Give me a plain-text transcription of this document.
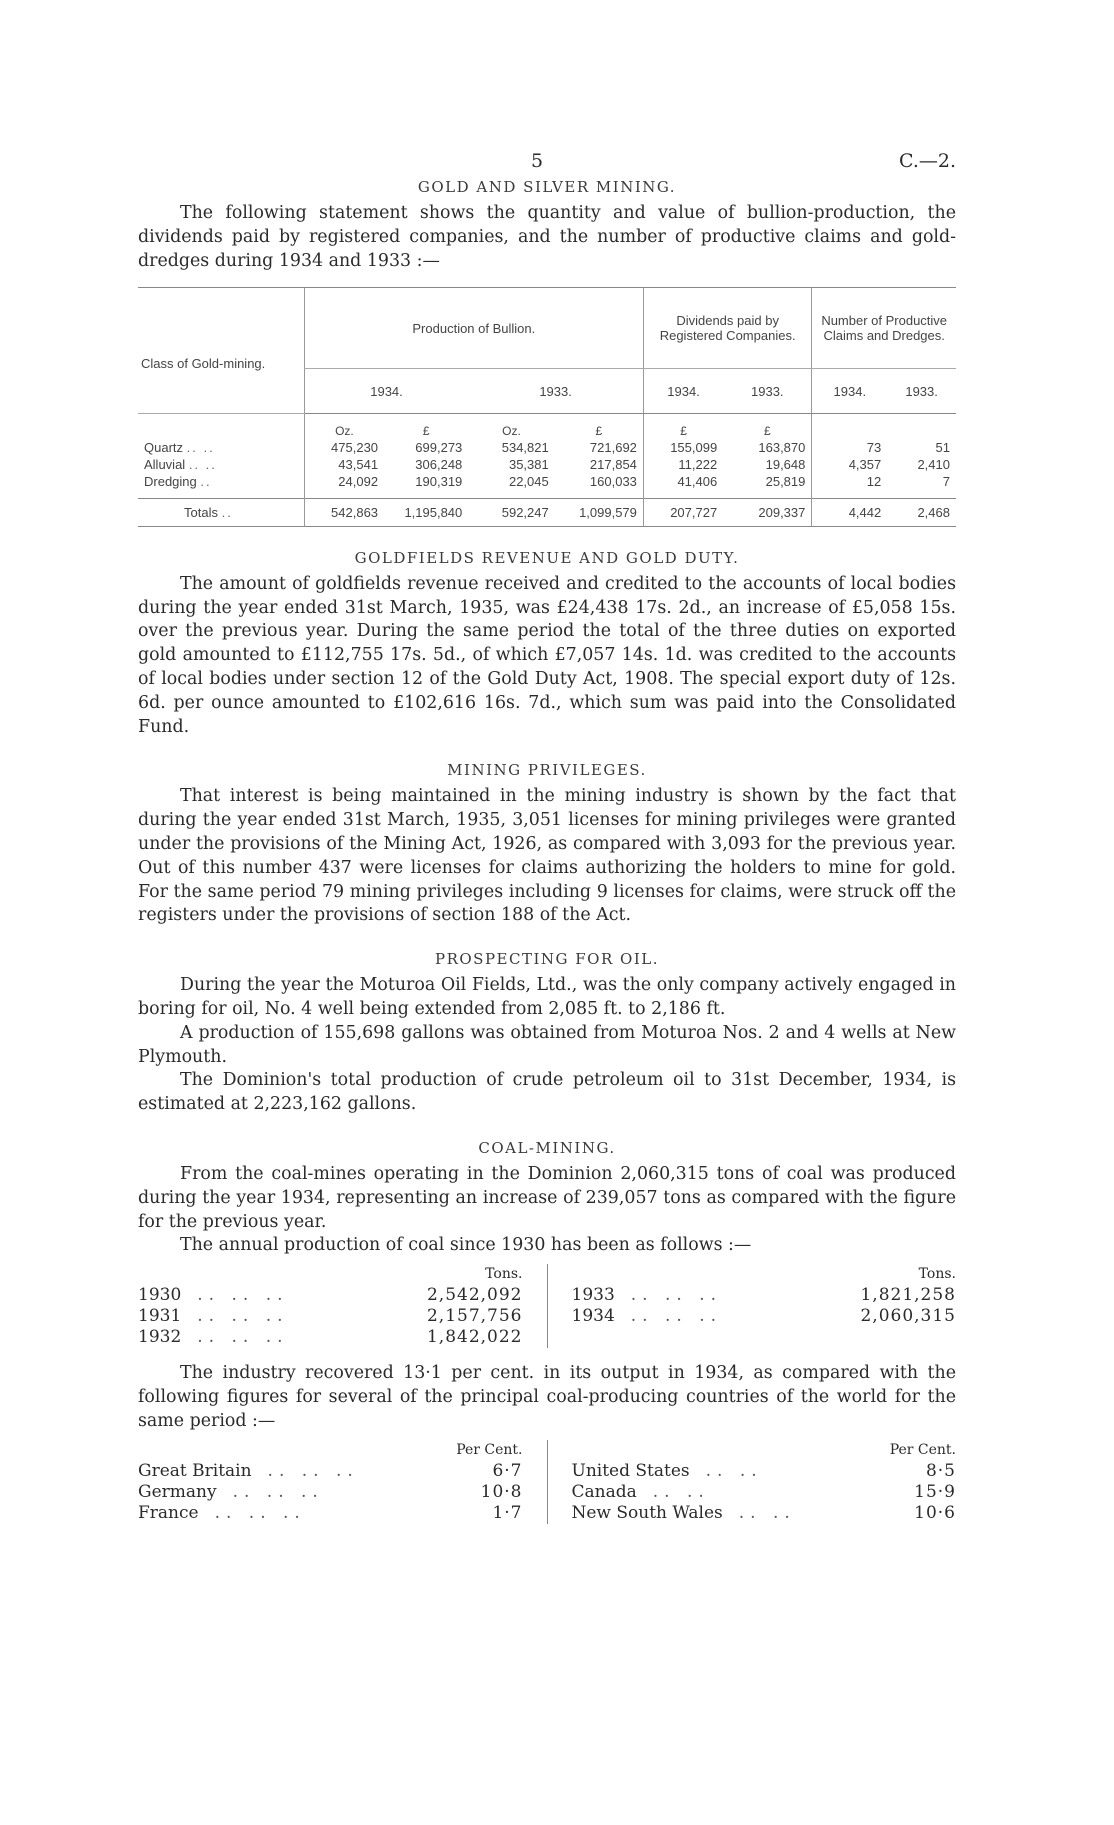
5	C.—2.
GOLD AND SILVER MINING.

The following statement shows the quantity and value of bullion-production, the dividends paid by registered companies, and the number of productive claims and gold-dredges during 1934 and 1933 :—

Class of Gold-mining.	Production of Bullion.				Dividends paid by Registered Companies.		Number of Productive Claims and Dredges.	
	1934.		1933.		1934.	1933.	1934.	1933.
	Oz.	£	Oz.	£	£	£		
Quartz .. ..	475,230	699,273	534,821	721,692	155,099	163,870	73	51
Alluvial .. ..	43,541	306,248	35,381	217,854	11,222	19,648	4,357	2,410
Dredging ..	24,092	190,319	22,045	160,033	41,406	25,819	12	7

Totals ..	542,863	1,195,840	592,247	1,099,579	207,727	209,337	4,442	2,468
GOLDFIELDS REVENUE AND GOLD DUTY.

The amount of goldfields revenue received and credited to the accounts of local bodies during the year ended 31st March, 1935, was £24,438 17s. 2d., an increase of £5,058 15s. over the previous year. During the same period the total of the three duties on exported gold amounted to £112,755 17s. 5d., of which £7,057 14s. 1d. was credited to the accounts of local bodies under section 12 of the Gold Duty Act, 1908. The special export duty of 12s. 6d. per ounce amounted to £102,616 16s. 7d., which sum was paid into the Consolidated Fund.

MINING PRIVILEGES.

That interest is being maintained in the mining industry is shown by the fact that during the year ended 31st March, 1935, 3,051 licenses for mining privileges were granted under the provisions of the Mining Act, 1926, as compared with 3,093 for the previous year. Out of this number 437 were licenses for claims authorizing the holders to mine for gold. For the same period 79 mining privileges including 9 licenses for claims, were struck off the registers under the provisions of section 188 of the Act.

PROSPECTING FOR OIL.

During the year the Moturoa Oil Fields, Ltd., was the only company actively engaged in boring for oil, No. 4 well being extended from 2,085 ft. to 2,186 ft.

A production of 155,698 gallons was obtained from Moturoa Nos. 2 and 4 wells at New Plymouth.

The Dominion's total production of crude petroleum oil to 31st December, 1934, is estimated at 2,223,162 gallons.

COAL-MINING.

From the coal-mines operating in the Dominion 2,060,315 tons of coal was produced during the year 1934, representing an increase of 239,057 tons as compared with the figure for the previous year.

The annual production of coal since 1930 has been as follows :—

Tons.
1930 .. .. ..	2,542,092
1931 .. .. ..	2,157,756
1932 .. .. ..	1,842,022
Tons.
1933 .. .. ..	1,821,258
1934 .. .. ..	2,060,315

The industry recovered 13·1 per cent. in its output in 1934, as compared with the following figures for several of the principal coal-producing countries of the world for the same period :—

Per Cent.
Great Britain .. .. ..	6·7
Germany .. .. ..	10·8
France .. .. ..	1·7
Per Cent.
United States .. ..	8·5
Canada .. ..	15·9
New South Wales .. ..	10·6
